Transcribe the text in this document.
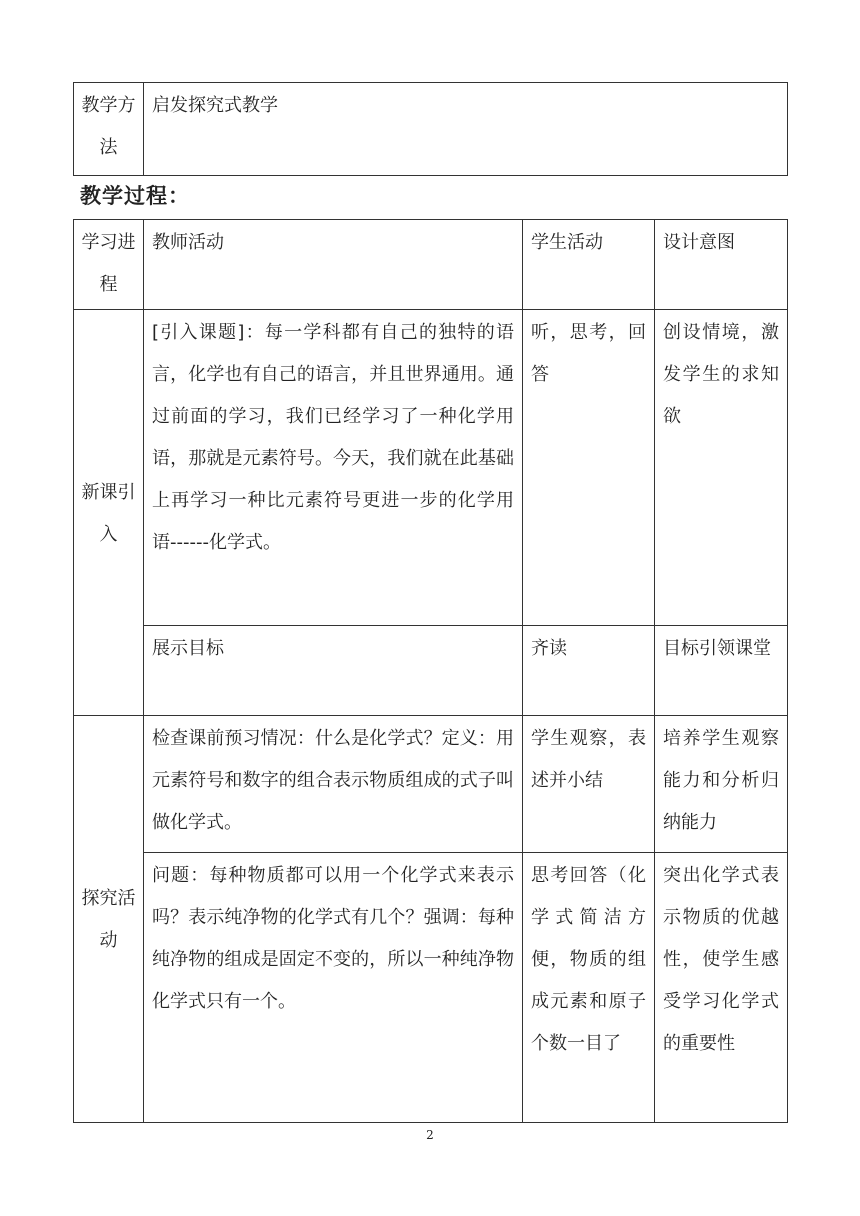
教学方法	启发探究式教学
教学过程：
学习进程	教师活动	学生活动	设计意图
新课引入	[引入课题]：每一学科都有自己的独特的语言，化学也有自己的语言，并且世界通用。通过前面的学习，我们已经学习了一种化学用语，那就是元素符号。今天，我们就在此基础上再学习一种比元素符号更进一步的化学用语------化学式。	听，思考，回答	创设情境，激发学生的求知欲
	展示目标	齐读	目标引领课堂
探究活动	检查课前预习情况：什么是化学式？定义：用元素符号和数字的组合表示物质组成的式子叫做化学式。	学生观察，表述并小结	培养学生观察能力和分析归纳能力
	问题：每种物质都可以用一个化学式来表示吗？表示纯净物的化学式有几个？强调：每种纯净物的组成是固定不变的，所以一种纯净物化学式只有一个。	思考回答（化学式简洁方便，物质的组成元素和原子个数一目了	突出化学式表示物质的优越性，使学生感受学习化学式的重要性
2
